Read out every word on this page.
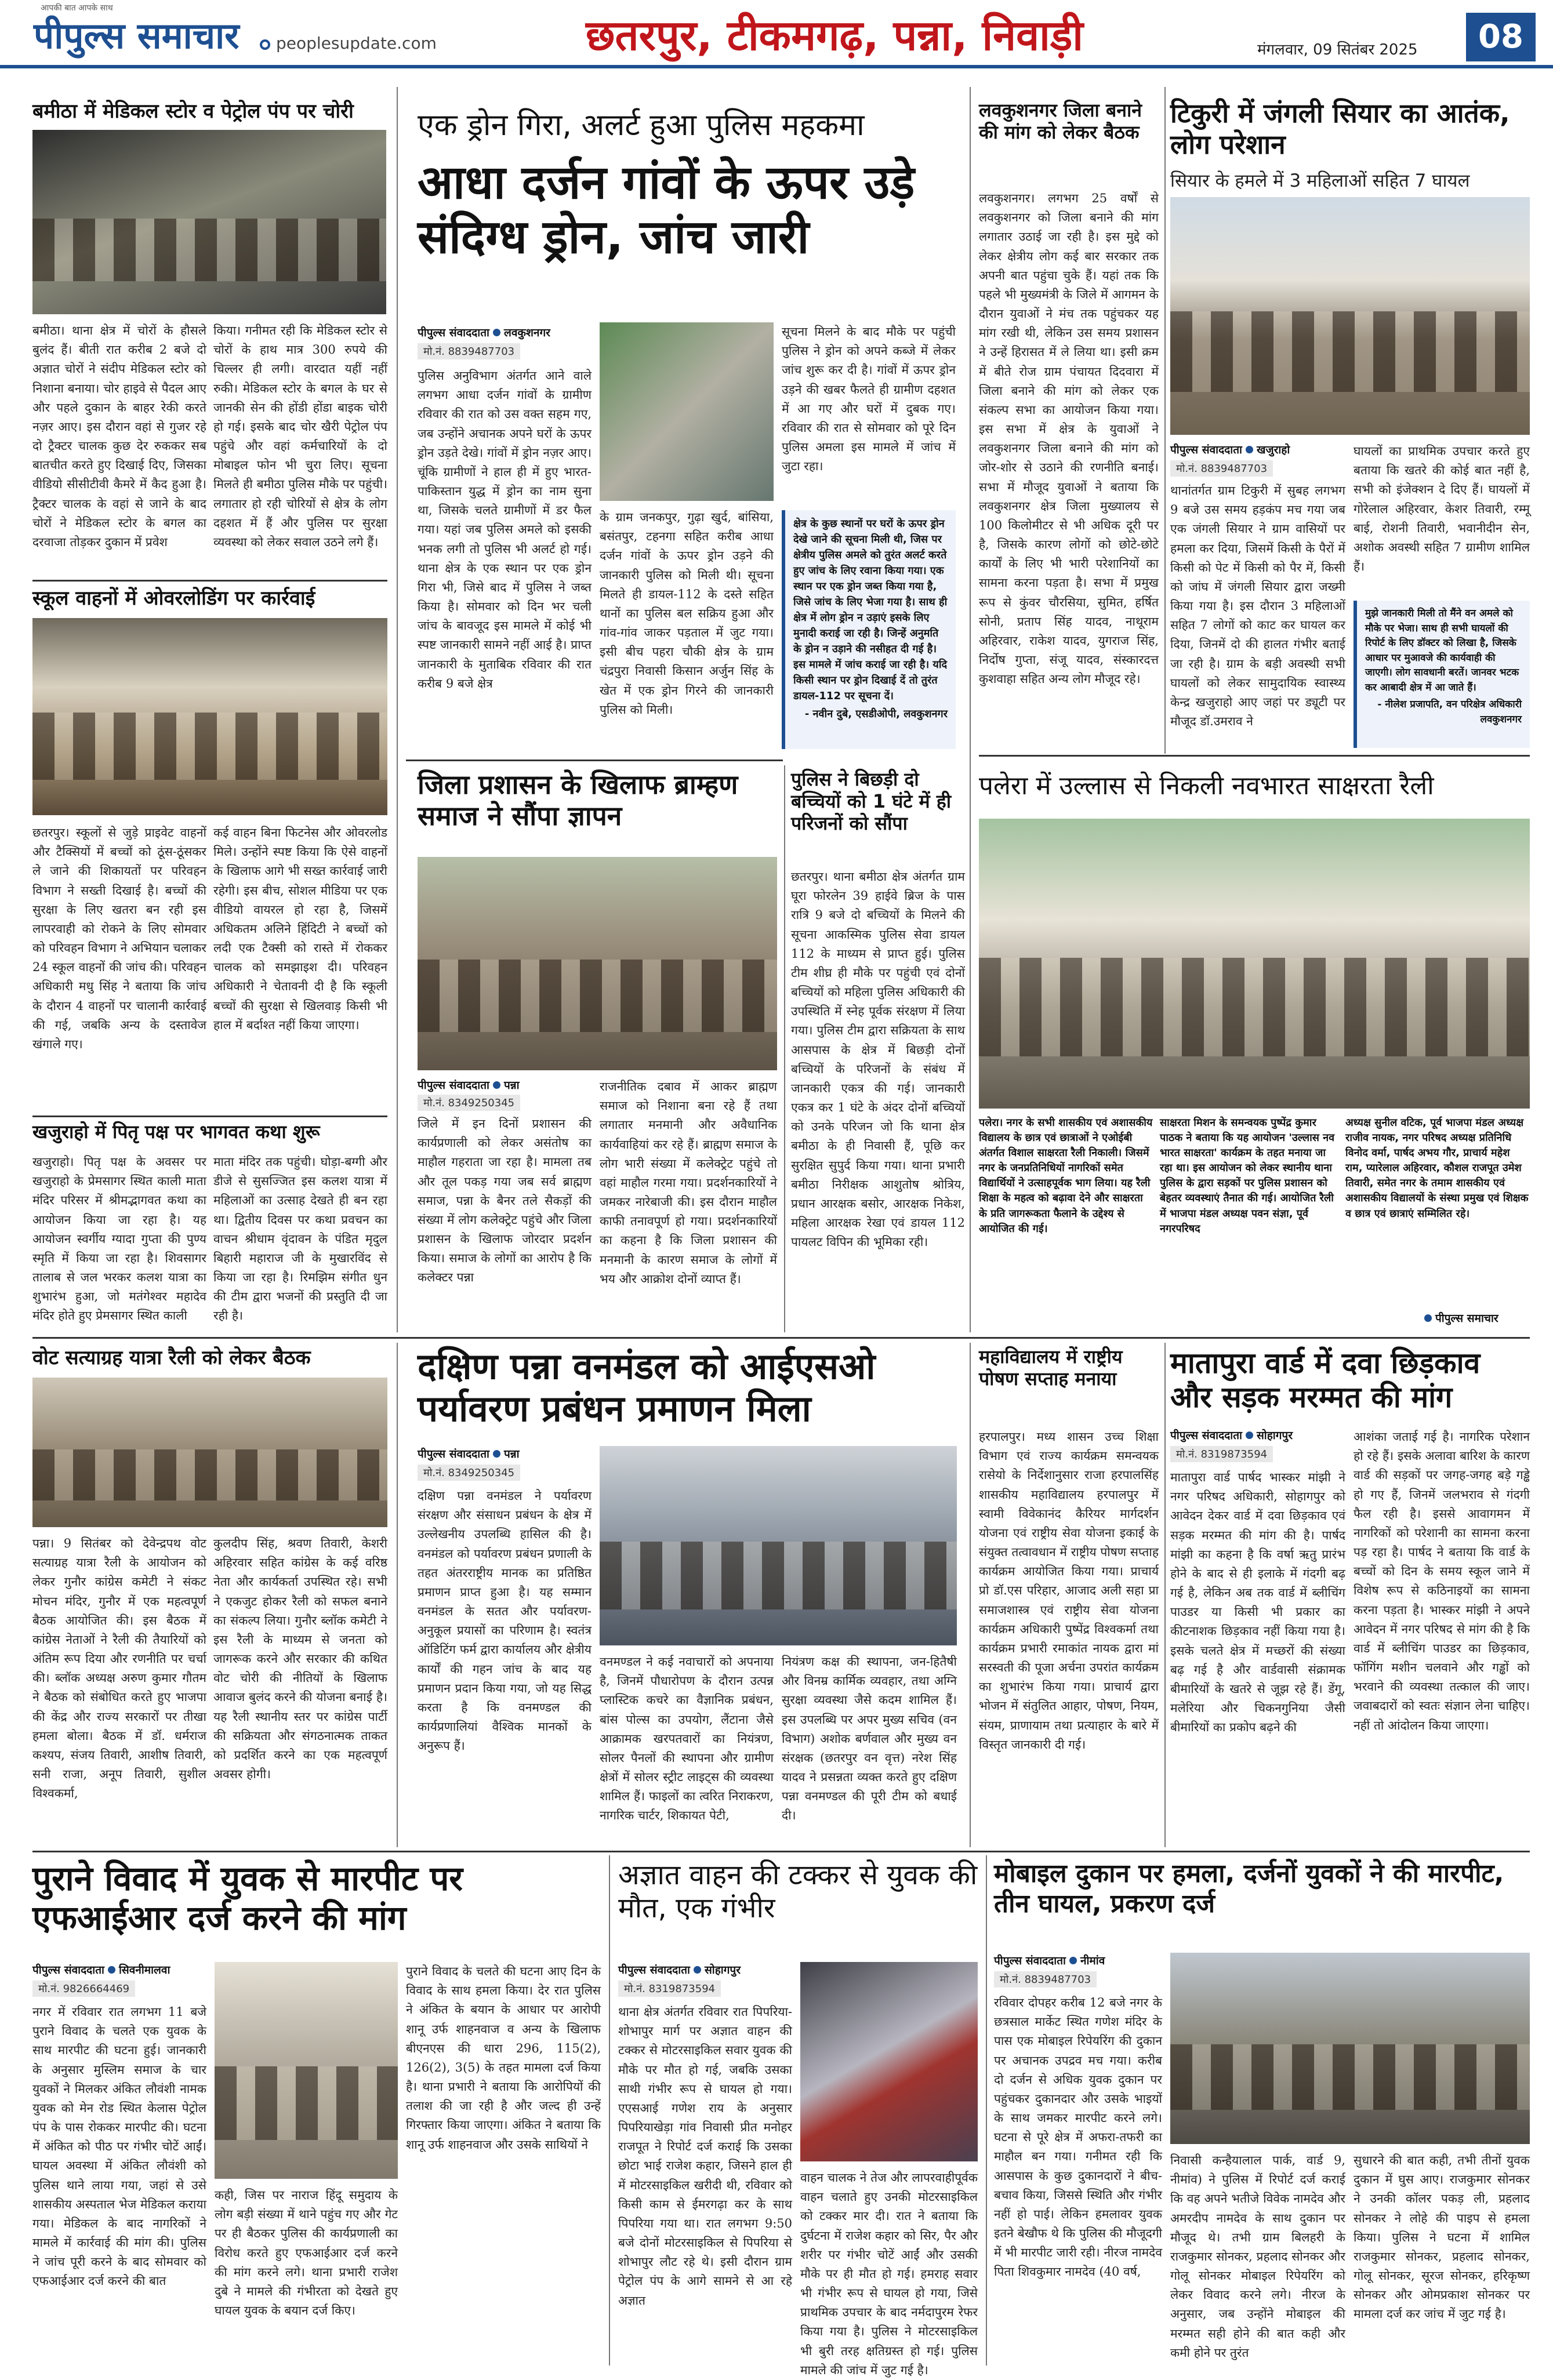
आपकी बात आपके साथ
पीपुल्स समाचार	peoplesupdate.com	छतरपुर, टीकमगढ़, पन्ना, निवाड़ी	मंगलवार, 09 सितंबर 2025	08
बमीठा में मेडिकल स्टोर व पेट्रोल पंप पर चोरी
बमीठा। थाना क्षेत्र में चोरों के हौसले बुलंद हैं। बीती रात करीब 2 बजे दो अज्ञात चोरों ने संदीप मेडिकल स्टोर को निशाना बनाया। चोर हाइवे से पैदल आए और पहले दुकान के बाहर रेकी करते नज़र आए। इस दौरान वहां से गुजर रहे दो ट्रैक्टर चालक कुछ देर रुककर सब बातचीत करते हुए दिखाई दिए, जिसका वीडियो सीसीटीवी कैमरे में कैद हुआ है। ट्रैक्टर चालक के वहां से जाने के बाद चोरों ने मेडिकल स्टोर के बगल का दरवाजा तोड़कर दुकान में प्रवेश
किया। गनीमत रही कि मेडिकल स्टोर से चोरों के हाथ मात्र 300 रुपये की चिल्लर ही लगी। वारदात यहीं नहीं रुकी। मेडिकल स्टोर के बगल के घर से जानकी सेन की होंडी होंडा बाइक चोरी हो गई। इसके बाद चोर खैरी पेट्रोल पंप पहुंचे और वहां कर्मचारियों के दो मोबाइल फोन भी चुरा लिए। सूचना मिलते ही बमीठा पुलिस मौके पर पहुंची। लगातार हो रही चोरियों से क्षेत्र के लोग दहशत में हैं और पुलिस पर सुरक्षा व्यवस्था को लेकर सवाल उठने लगे हैं।
स्कूल वाहनों में ओवरलोडिंग पर कार्रवाई
छतरपुर। स्कूलों से जुड़े प्राइवेट वाहनों और टैक्सियों में बच्चों को ठूंस-ठूंसकर ले जाने की शिकायतों पर परिवहन विभाग ने सख्ती दिखाई है। बच्चों की सुरक्षा के लिए खतरा बन रही इस लापरवाही को रोकने के लिए सोमवार को परिवहन विभाग ने अभियान चलाकर 24 स्कूल वाहनों की जांच की। परिवहन अधिकारी मधु सिंह ने बताया कि जांच के दौरान 4 वाहनों पर चालानी कार्रवाई की गई, जबकि अन्य के दस्तावेज खंगाले गए।
कई वाहन बिना फिटनेस और ओवरलोड मिले। उन्होंने स्पष्ट किया कि ऐसे वाहनों के खिलाफ आगे भी सख्त कार्रवाई जारी रहेगी। इस बीच, सोशल मीडिया पर एक वीडियो वायरल हो रहा है, जिसमें अधिकतम अलिने हिंदिटी ने बच्चों को लदी एक टैक्सी को रास्ते में रोककर चालक को समझाइश दी। परिवहन अधिकारी ने चेतावनी दी है कि स्कूली बच्चों की सुरक्षा से खिलवाड़ किसी भी हाल में बर्दाश्त नहीं किया जाएगा।
खजुराहो में पितृ पक्ष पर भागवत कथा शुरू
खजुराहो। पितृ पक्ष के अवसर पर खजुराहो के प्रेमसागर स्थित काली माता मंदिर परिसर में श्रीमद्भागवत कथा का आयोजन किया जा रहा है। यह आयोजन स्वर्गीय ग्यादा गुप्ता की पुण्य स्मृति में किया जा रहा है। शिवसागर तालाब से जल भरकर कलश यात्रा का शुभारंभ हुआ, जो मतंगेश्वर महादेव मंदिर होते हुए प्रेमसागर स्थित काली
माता मंदिर तक पहुंची। घोड़ा-बग्गी और डीजे से सुसज्जित इस कलश यात्रा में महिलाओं का उत्साह देखते ही बन रहा था। द्वितीय दिवस पर कथा प्रवचन का वाचन श्रीधाम वृंदावन के पंडित मृदुल बिहारी महाराज जी के मुखारविंद से किया जा रहा है। रिमझिम संगीत धुन की टीम द्वारा भजनों की प्रस्तुति दी जा रही है।
एक ड्रोन गिरा, अलर्ट हुआ पुलिस महकमा
आधा दर्जन गांवों के ऊपर उड़े संदिग्ध ड्रोन, जांच जारी
पीपुल्स संवाददाता लवकुशनगर
मो.नं. 8839487703
पुलिस अनुविभाग अंतर्गत आने वाले लगभग आधा दर्जन गांवों के ग्रामीण रविवार की रात को उस वक्त सहम गए, जब उन्होंने अचानक अपने घरों के ऊपर ड्रोन उड़ते देखे। गांवों में ड्रोन नज़र आए। चूंकि ग्रामीणों ने हाल ही में हुए भारत-पाकिस्तान युद्ध में ड्रोन का नाम सुना था, जिसके चलते ग्रामीणों में डर फैल गया। यहां जब पुलिस अमले को इसकी भनक लगी तो पुलिस भी अलर्ट हो गई। थाना क्षेत्र के एक स्थान पर एक ड्रोन गिरा भी, जिसे बाद में पुलिस ने जब्त किया है। सोमवार को दिन भर चली जांच के बावजूद इस मामले में कोई भी स्पष्ट जानकारी सामने नहीं आई है। प्राप्त जानकारी के मुताबिक रविवार की रात करीब 9 बजे क्षेत्र
के ग्राम जनकपुर, गुढ़ा खुर्द, बांसिया, बसंतपुर, टहनगा सहित करीब आधा दर्जन गांवों के ऊपर ड्रोन उड़ने की जानकारी पुलिस को मिली थी। सूचना मिलते ही डायल-112 के दस्ते सहित थानों का पुलिस बल सक्रिय हुआ और गांव-गांव जाकर पड़ताल में जुट गया। इसी बीच पहरा चौकी क्षेत्र के ग्राम चंद्रपुरा निवासी किसान अर्जुन सिंह के खेत में एक ड्रोन गिरने की जानकारी पुलिस को मिली।
सूचना मिलने के बाद मौके पर पहुंची पुलिस ने ड्रोन को अपने कब्जे में लेकर जांच शुरू कर दी है। गांवों में ऊपर ड्रोन उड़ने की खबर फैलते ही ग्रामीण दहशत में आ गए और घरों में दुबक गए। रविवार की रात से सोमवार को पूरे दिन पुलिस अमला इस मामले में जांच में जुटा रहा।
क्षेत्र के कुछ स्थानों पर घरों के ऊपर ड्रोन देखे जाने की सूचना मिली थी, जिस पर क्षेत्रीय पुलिस अमले को तुरंत अलर्ट करते हुए जांच के लिए रवाना किया गया। एक स्थान पर एक ड्रोन जब्त किया गया है, जिसे जांच के लिए भेजा गया है। साथ ही क्षेत्र में लोग ड्रोन न उड़ाएं इसके लिए मुनादी कराई जा रही है। जिन्हें अनुमति के ड्रोन न उड़ाने की नसीहत दी गई है। इस मामले में जांच कराई जा रही है। यदि किसी स्थान पर ड्रोन दिखाई दें तो तुरंत डायल-112 पर सूचना दें।
- नवीन दुबे, एसडीओपी, लवकुशनगर
जिला प्रशासन के खिलाफ ब्राम्हण समाज ने सौंपा ज्ञापन
पीपुल्स संवाददाता पन्ना
मो.नं. 8349250345
जिले में इन दिनों प्रशासन की कार्यप्रणाली को लेकर असंतोष का माहौल गहराता जा रहा है। मामला तब और तूल पकड़ गया जब सर्व ब्राह्मण समाज, पन्ना के बैनर तले सैकड़ों की संख्या में लोग कलेक्ट्रेट पहुंचे और जिला प्रशासन के खिलाफ जोरदार प्रदर्शन किया। समाज के लोगों का आरोप है कि कलेक्टर पन्ना
राजनीतिक दबाव में आकर ब्राह्मण समाज को निशाना बना रहे हैं तथा लगातार मनमानी और अवैधानिक कार्यवाहियां कर रहे हैं। ब्राह्मण समाज के लोग भारी संख्या में कलेक्ट्रेट पहुंचे तो वहां माहौल गरमा गया। प्रदर्शनकारियों ने जमकर नारेबाजी की। इस दौरान माहौल काफी तनावपूर्ण हो गया। प्रदर्शनकारियों का कहना है कि जिला प्रशासन की मनमानी के कारण समाज के लोगों में भय और आक्रोश दोनों व्याप्त हैं।
पुलिस ने बिछड़ी दो बच्चियों को 1 घंटे में ही परिजनों को सौंपा
छतरपुर। थाना बमीठा क्षेत्र अंतर्गत ग्राम घूरा फोरलेन 39 हाईवे ब्रिज के पास रात्रि 9 बजे दो बच्चियों के मिलने की सूचना आकस्मिक पुलिस सेवा डायल 112 के माध्यम से प्राप्त हुई। पुलिस टीम शीघ्र ही मौके पर पहुंची एवं दोनों बच्चियों को महिला पुलिस अधिकारी की उपस्थिति में स्नेह पूर्वक संरक्षण में लिया गया। पुलिस टीम द्वारा सक्रियता के साथ आसपास के क्षेत्र में बिछड़ी दोनों बच्चियों के परिजनों के संबंध में जानकारी एकत्र की गई। जानकारी एकत्र कर 1 घंटे के अंदर दोनों बच्चियों को उनके परिजन जो कि थाना क्षेत्र बमीठा के ही निवासी हैं, पूछि कर सुरक्षित सुपुर्द किया गया। थाना प्रभारी बमीठा निरीक्षक आशुतोष श्रोत्रिय, प्रधान आरक्षक बसोर, आरक्षक निकेश, महिला आरक्षक रेखा एवं डायल 112 पायलट विपिन की भूमिका रही।
लवकुशनगर जिला बनाने की मांग को लेकर बैठक
लवकुशनगर। लगभग 25 वर्षों से लवकुशनगर को जिला बनाने की मांग लगातार उठाई जा रही है। इस मुद्दे को लेकर क्षेत्रीय लोग कई बार सरकार तक अपनी बात पहुंचा चुके हैं। यहां तक कि पहले भी मुख्यमंत्री के जिले में आगमन के दौरान युवाओं ने मंच तक पहुंचकर यह मांग रखी थी, लेकिन उस समय प्रशासन ने उन्हें हिरासत में ले लिया था। इसी क्रम में बीते रोज ग्राम पंचायत दिदवारा में जिला बनाने की मांग को लेकर एक संकल्प सभा का आयोजन किया गया। इस सभा में क्षेत्र के युवाओं ने लवकुशनगर जिला बनाने की मांग को जोर-शोर से उठाने की रणनीति बनाई। सभा में मौजूद युवाओं ने बताया कि लवकुशनगर क्षेत्र जिला मुख्यालय से 100 किलोमीटर से भी अधिक दूरी पर है, जिसके कारण लोगों को छोटे-छोटे कार्यों के लिए भी भारी परेशानियों का सामना करना पड़ता है। सभा में प्रमुख रूप से कुंवर चौरसिया, सुमित, हर्षित सोनी, प्रताप सिंह यादव, नाथूराम अहिरवार, राकेश यादव, युगराज सिंह, निर्दोष गुप्ता, संजू यादव, संस्कारदत्त कुशवाहा सहित अन्य लोग मौजूद रहे।
टिकुरी में जंगली सियार का आतंक, लोग परेशान
सियार के हमले में 3 महिलाओं सहित 7 घायल
पीपुल्स संवाददाता खजुराहो
मो.नं. 8839487703
थानांतर्गत ग्राम टिकुरी में सुबह लगभग 9 बजे उस समय हड़कंप मच गया जब एक जंगली सियार ने ग्राम वासियों पर हमला कर दिया, जिसमें किसी के पैरों में किसी को पेट में किसी को पैर में, किसी को जांघ में जंगली सियार द्वारा जख्मी किया गया है। इस दौरान 3 महिलाओं सहित 7 लोगों को काट कर घायल कर दिया, जिनमें दो की हालत गंभीर बताई जा रही है। ग्राम के बड़ी अवस्थी सभी घायलों को लेकर सामुदायिक स्वास्थ्य केन्द्र खजुराहो आए जहां पर ड्यूटी पर मौजूद डॉ.उमराव ने
घायलों का प्राथमिक उपचार करते हुए बताया कि खतरे की कोई बात नहीं है, सभी को इंजेक्शन दे दिए हैं। घायलों में गोरेलाल अहिरवार, केशर तिवारी, रम्मू बाई, रोशनी तिवारी, भवानीदीन सेन, अशोक अवस्थी सहित 7 ग्रामीण शामिल हैं।
मुझे जानकारी मिली तो मैंने वन अमले को मौके पर भेजा। साथ ही सभी घायलों की रिपोर्ट के लिए डॉक्टर को लिखा है, जिसके आधार पर मुआवजे की कार्यवाही की जाएगी। लोग सावधानी बरतें। जानवर भटक कर आबादी क्षेत्र में आ जाते हैं।
- नीलेश प्रजापति, वन परिक्षेत्र अधिकारी लवकुशनगर
पलेरा में उल्लास से निकली नवभारत साक्षरता रैली
पलेरा। नगर के सभी शासकीय एवं अशासकीय विद्यालय के छात्र एवं छात्राओं ने एओईबी अंतर्गत विशाल साक्षरता रैली निकाली। जिसमें नगर के जनप्रतिनिधियों नागरिकों समेत विद्यार्थियों ने उत्साहपूर्वक भाग लिया। यह रैली शिक्षा के महत्व को बढ़ावा देने और साक्षरता के प्रति जागरूकता फैलाने के उद्देश्य से आयोजित की गई।
साक्षरता मिशन के समन्वयक पुष्पेंद्र कुमार पाठक ने बताया कि यह आयोजन 'उल्लास नव भारत साक्षरता' कार्यक्रम के तहत मनाया जा रहा था। इस आयोजन को लेकर स्थानीय थाना पुलिस के द्वारा सड़कों पर पुलिस प्रशासन को बेहतर व्यवस्थाएं तैनात की गई। आयोजित रैली में भाजपा मंडल अध्यक्ष पवन संज्ञा, पूर्व नगरपरिषद
अध्यक्ष सुनील वटिक, पूर्व भाजपा मंडल अध्यक्ष राजीव नायक, नगर परिषद अध्यक्ष प्रतिनिधि विनोद वर्मा, पार्षद अभय गौर, प्राचार्य महेश राम, प्यारेलाल अहिरवार, कौशल राजपूत उमेश तिवारी, समेत नगर के तमाम शासकीय एवं अशासकीय विद्यालयों के संस्था प्रमुख एवं शिक्षक व छात्र एवं छात्राएं सम्मिलित रहे।
पीपुल्स समाचार
वोट सत्याग्रह यात्रा रैली को लेकर बैठक
पन्ना। 9 सितंबर को देवेन्द्रपथ वोट सत्याग्रह यात्रा रैली के आयोजन को लेकर गुनौर कांग्रेस कमेटी ने संकट मोचन मंदिर, गुनौर में एक महत्वपूर्ण बैठक आयोजित की। इस बैठक में कांग्रेस नेताओं ने रैली की तैयारियों को अंतिम रूप दिया और रणनीति पर चर्चा की। ब्लॉक अध्यक्ष अरुण कुमार गौतम ने बैठक को संबोधित करते हुए भाजपा की केंद्र और राज्य सरकारों पर तीखा हमला बोला। बैठक में डॉ. धर्मराज कश्यप, संजय तिवारी, आशीष तिवारी, सनी राजा, अनूप तिवारी, सुशील विश्वकर्मा,
कुलदीप सिंह, श्रवण तिवारी, केशरी अहिरवार सहित कांग्रेस के कई वरिष्ठ नेता और कार्यकर्ता उपस्थित रहे। सभी ने एकजुट होकर रैली को सफल बनाने का संकल्प लिया। गुनौर ब्लॉक कमेटी ने इस रैली के माध्यम से जनता को जागरूक करने और सरकार की कथित वोट चोरी की नीतियों के खिलाफ आवाज बुलंद करने की योजना बनाई है। यह रैली स्थानीय स्तर पर कांग्रेस पार्टी की सक्रियता और संगठनात्मक ताकत को प्रदर्शित करने का एक महत्वपूर्ण अवसर होगी।
दक्षिण पन्ना वनमंडल को आईएसओ पर्यावरण प्रबंधन प्रमाणन मिला
पीपुल्स संवाददाता पन्ना
मो.नं. 8349250345
दक्षिण पन्ना वनमंडल ने पर्यावरण संरक्षण और संसाधन प्रबंधन के क्षेत्र में उल्लेखनीय उपलब्धि हासिल की है। वनमंडल को पर्यावरण प्रबंधन प्रणाली के तहत अंतरराष्ट्रीय मानक का प्रतिष्ठित प्रमाणन प्राप्त हुआ है। यह सम्मान वनमंडल के सतत और पर्यावरण-अनुकूल प्रयासों का परिणाम है। स्वतंत्र ऑडिटिंग फर्म द्वारा कार्यालय और क्षेत्रीय कार्यों की गहन जांच के बाद यह प्रमाणन प्रदान किया गया, जो यह सिद्ध करता है कि वनमण्डल की कार्यप्रणालियां वैश्विक मानकों के अनुरूप हैं।
वनमण्डल ने कई नवाचारों को अपनाया है, जिनमें पौधारोपण के दौरान उत्पन्न प्लास्टिक कचरे का वैज्ञानिक प्रबंधन, बांस पोल्स का उपयोग, लैंटाना जैसे आक्रामक खरपतवारों का नियंत्रण, सोलर पैनलों की स्थापना और ग्रामीण क्षेत्रों में सोलर स्ट्रीट लाइट्स की व्यवस्था शामिल हैं। फाइलों का त्वरित निराकरण, नागरिक चार्टर, शिकायत पेटी,
नियंत्रण कक्ष की स्थापना, जन-हितैषी और विनम्र कार्मिक व्यवहार, तथा अग्नि सुरक्षा व्यवस्था जैसे कदम शामिल हैं। इस उपलब्धि पर अपर मुख्य सचिव (वन विभाग) अशोक बर्णवाल और मुख्य वन संरक्षक (छतरपुर वन वृत्त) नरेश सिंह यादव ने प्रसन्नता व्यक्त करते हुए दक्षिण पन्ना वनमण्डल की पूरी टीम को बधाई दी।
महाविद्यालय में राष्ट्रीय पोषण सप्ताह मनाया
हरपालपुर। मध्य शासन उच्च शिक्षा विभाग एवं राज्य कार्यक्रम समन्वयक रासेयो के निर्देशानुसार राजा हरपालसिंह शासकीय महाविद्यालय हरपालपुर में स्वामी विवेकानंद कैरियर मार्गदर्शन योजना एवं राष्ट्रीय सेवा योजना इकाई के संयुक्त तत्वावधान में राष्ट्रीय पोषण सप्ताह कार्यक्रम आयोजित किया गया। प्राचार्य प्रो डॉ.एस परिहार, आजाद अली सहा प्रा समाजशास्त्र एवं राष्ट्रीय सेवा योजना कार्यक्रम अधिकारी पुष्पेंद्र विश्वकर्मा तथा कार्यक्रम प्रभारी रमाकांत नायक द्वारा मां सरस्वती की पूजा अर्चना उपरांत कार्यक्रम का शुभारंभ किया गया। प्राचार्य द्वारा भोजन में संतुलित आहार, पोषण, नियम, संयम, प्राणायाम तथा प्रत्याहार के बारे में विस्तृत जानकारी दी गई।
मातापुरा वार्ड में दवा छिड़काव और सड़क मरम्मत की मांग
पीपुल्स संवाददाता सोहागपुर
मो.नं. 8319873594
मातापुरा वार्ड पार्षद भास्कर मांझी ने नगर परिषद अधिकारी, सोहागपुर को आवेदन देकर वार्ड में दवा छिड़काव एवं सड़क मरम्मत की मांग की है। पार्षद मांझी का कहना है कि वर्षा ऋतु प्रारंभ होने के बाद से ही इलाके में गंदगी बढ़ गई है, लेकिन अब तक वार्ड में ब्लीचिंग पाउडर या किसी भी प्रकार का कीटनाशक छिड़काव नहीं किया गया है। इसके चलते क्षेत्र में मच्छरों की संख्या बढ़ गई है और वार्डवासी संक्रामक बीमारियों के खतरे से जूझ रहे हैं। डेंगू, मलेरिया और चिकनगुनिया जैसी बीमारियों का प्रकोप बढ़ने की
आशंका जताई गई है। नागरिक परेशान हो रहे हैं। इसके अलावा बारिश के कारण वार्ड की सड़कों पर जगह-जगह बड़े गड्ढे हो गए हैं, जिनमें जलभराव से गंदगी फैल रही है। इससे आवागमन में नागरिकों को परेशानी का सामना करना पड़ रहा है। पार्षद ने बताया कि वार्ड के बच्चों को दिन के समय स्कूल जाने में विशेष रूप से कठिनाइयों का सामना करना पड़ता है। भास्कर मांझी ने अपने आवेदन में नगर परिषद से मांग की है कि वार्ड में ब्लीचिंग पाउडर का छिड़काव, फॉगिंग मशीन चलवाने और गड्ढों को भरवाने की व्यवस्था तत्काल की जाए। जवाबदारों को स्वतः संज्ञान लेना चाहिए। नहीं तो आंदोलन किया जाएगा।
पुराने विवाद में युवक से मारपीट पर एफआईआर दर्ज करने की मांग
पीपुल्स संवाददाता सिवनीमालवा
मो.नं. 9826664469
नगर में रविवार रात लगभग 11 बजे पुराने विवाद के चलते एक युवक के साथ मारपीट की घटना हुई। जानकारी के अनुसार मुस्लिम समाज के चार युवकों ने मिलकर अंकित लौवंशी नामक युवक को मेन रोड स्थित केलास पेट्रोल पंप के पास रोककर मारपीट की। घटना में अंकित को पीठ पर गंभीर चोटें आईं। घायल अवस्था में अंकित लौवंशी को पुलिस थाने लाया गया, जहां से उसे शासकीय अस्पताल भेज मेडिकल कराया गया। मेडिकल के बाद नागरिकों ने मामले में कार्रवाई की मांग की। पुलिस ने जांच पूरी करने के बाद सोमवार को एफआईआर दर्ज करने की बात
कही, जिस पर नाराज हिंदू समुदाय के लोग बड़ी संख्या में थाने पहुंच गए और गेट पर ही बैठकर पुलिस की कार्यप्रणाली का विरोध करते हुए एफआईआर दर्ज करने की मांग करने लगे। थाना प्रभारी राजेश दुबे ने मामले की गंभीरता को देखते हुए घायल युवक के बयान दर्ज किए।
पुराने विवाद के चलते की घटना आए दिन के विवाद के साथ हमला किया। देर रात पुलिस ने अंकित के बयान के आधार पर आरोपी शानू उर्फ शाहनवाज व अन्य के खिलाफ बीएनएस की धारा 296, 115(2), 126(2), 3(5) के तहत मामला दर्ज किया है। थाना प्रभारी ने बताया कि आरोपियों की तलाश की जा रही है और जल्द ही उन्हें गिरफ्तार किया जाएगा। अंकित ने बताया कि शानू उर्फ शाहनवाज और उसके साथियों ने
अज्ञात वाहन की टक्कर से युवक की मौत, एक गंभीर
पीपुल्स संवाददाता सोहागपुर
मो.नं. 8319873594
थाना क्षेत्र अंतर्गत रविवार रात पिपरिया-शोभापुर मार्ग पर अज्ञात वाहन की टक्कर से मोटरसाइकिल सवार युवक की मौके पर मौत हो गई, जबकि उसका साथी गंभीर रूप से घायल हो गया। एएसआई गणेश राय के अनुसार पिपरियाखेड़ा गांव निवासी प्रीत मनोहर राजपूत ने रिपोर्ट दर्ज कराई कि उसका छोटा भाई राजेश कहार, जिसने हाल ही में मोटरसाइकिल खरीदी थी, रविवार को किसी काम से ईमरगढ़ा कर के साथ पिपरिया गया था। रात लगभग 9:50 बजे दोनों मोटरसाइकिल से पिपरिया से शोभापुर लौट रहे थे। इसी दौरान ग्राम पेट्रोल पंप के आगे सामने से आ रहे अज्ञात
वाहन चालक ने तेज और लापरवाहीपूर्वक वाहन चलाते हुए उनकी मोटरसाइकिल को टक्कर मार दी। रात ने बताया कि दुर्घटना में राजेश कहार को सिर, पैर और शरीर पर गंभीर चोटें आईं और उसकी मौके पर ही मौत हो गई। हमराह सवार भी गंभीर रूप से घायल हो गया, जिसे प्राथमिक उपचार के बाद नर्मदापुरम रेफर किया गया है। पुलिस ने मोटरसाइकिल भी बुरी तरह क्षतिग्रस्त हो गई। पुलिस मामले की जांच में जुट गई है।
मोबाइल दुकान पर हमला, दर्जनों युवकों ने की मारपीट, तीन घायल, प्रकरण दर्ज
पीपुल्स संवाददाता नीमांव
मो.नं. 8839487703
रविवार दोपहर करीब 12 बजे नगर के छत्रसाल मार्केट स्थित गणेश मंदिर के पास एक मोबाइल रिपेयरिंग की दुकान पर अचानक उपद्रव मच गया। करीब दो दर्जन से अधिक युवक दुकान पर पहुंचकर दुकानदार और उसके भाइयों के साथ जमकर मारपीट करने लगे। घटना से पूरे क्षेत्र में अफरा-तफरी का माहौल बन गया। गनीमत रही कि आसपास के कुछ दुकानदारों ने बीच-बचाव किया, जिससे स्थिति और गंभीर नहीं हो पाई। लेकिन हमलावर युवक इतने बेखौफ थे कि पुलिस की मौजूदगी में भी मारपीट जारी रही। नीरज नामदेव पिता शिवकुमार नामदेव (40 वर्ष,
निवासी कन्हैयालाल पार्क, वार्ड 9, नीमांव) ने पुलिस में रिपोर्ट दर्ज कराई कि वह अपने भतीजे विवेक नामदेव और अमरदीप नामदेव के साथ दुकान पर मौजूद थे। तभी ग्राम बिलहरी के राजकुमार सोनकर, प्रहलाद सोनकर और गोलू सोनकर मोबाइल रिपेयरिंग को लेकर विवाद करने लगे। नीरज के अनुसार, जब उन्होंने मोबाइल की मरम्मत सही होने की बात कही और कमी होने पर तुरंत
सुधारने की बात कही, तभी तीनों युवक दुकान में घुस आए। राजकुमार सोनकर ने उनकी कॉलर पकड़ ली, प्रहलाद सोनकर ने लोहे की पाइप से हमला किया। पुलिस ने घटना में शामिल राजकुमार सोनकर, प्रहलाद सोनकर, गोलू सोनकर, सूरज सोनकर, हरिकृष्ण सोनकर और ओमप्रकाश सोनकर पर मामला दर्ज कर जांच में जुट गई है।
